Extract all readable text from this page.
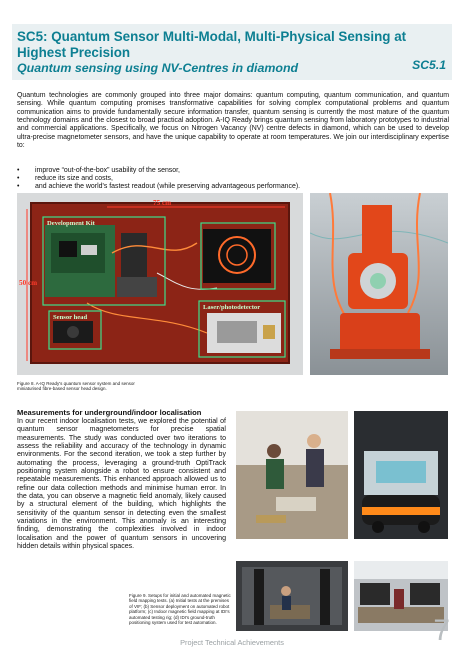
SC5: Quantum Sensor Multi-Modal, Multi-Physical Sensing at Highest Precision
Quantum sensing using NV-Centres in diamond	SC5.1

Quantum technologies are commonly grouped into three major domains: quantum computing, quantum communication, and quantum sensing. While quantum computing promises transformative capabilities for solving complex computational problems and quantum communication aims to provide fundamentally secure information transfer, quantum sensing is currently the most mature of the quantum technology domains and the closest to broad practical adoption. A-IQ Ready brings quantum sensing from laboratory prototypes to industrial and commercial applications. Specifically, we focus on Nitrogen Vacancy (NV) centre defects in diamond, which can be used to develop ultra-precise magnetometer sensors, and have the unique capability to operate at room temperatures. We join our interdisciplinary expertise to:

• improve “out-of-the-box” usability of the sensor,
• reduce its size and costs,
• and achieve the world's fastest readout (while preserving advantageous performance).
Development Kit
75 cm
50 cm
Sensor head
Laser/photodetector
Figure 8. A-IQ Ready's quantum sensor system and sensor miniaturised fibre-based sensor head design.
Measurements for underground/indoor localisation

In our recent indoor localisation tests, we explored the potential of quantum sensor magnetometers for precise spatial measurements. The study was conducted over two iterations to assess the reliability and accuracy of the technology in dynamic environments. For the second iteration, we took a step further by automating the process, leveraging a ground-truth OptiTrack positioning system alongside a robot to ensure consistent and repeatable measurements. This enhanced approach allowed us to refine our data collection methods and minimise human error. In the data, you can observe a magnetic field anomaly, likely caused by a structural element of the building, which highlights the sensitivity of the quantum sensor in detecting even the smallest variations in the environment. This anomaly is an interesting finding, demonstrating the complexities involved in indoor localisation and the power of quantum sensors in uncovering hidden details within physical spaces.

Figure 9. Setups for initial and automated magnetic field mapping tests. (a) Initial tests at the premises of VIF; (b) Sensor deployment on automated robot platform; (c) Indoor magnetic field mapping at IDI's automated testing rig; (d) IDI's ground-truth positioning system used for test automation.
Project Technical Achievements	7
